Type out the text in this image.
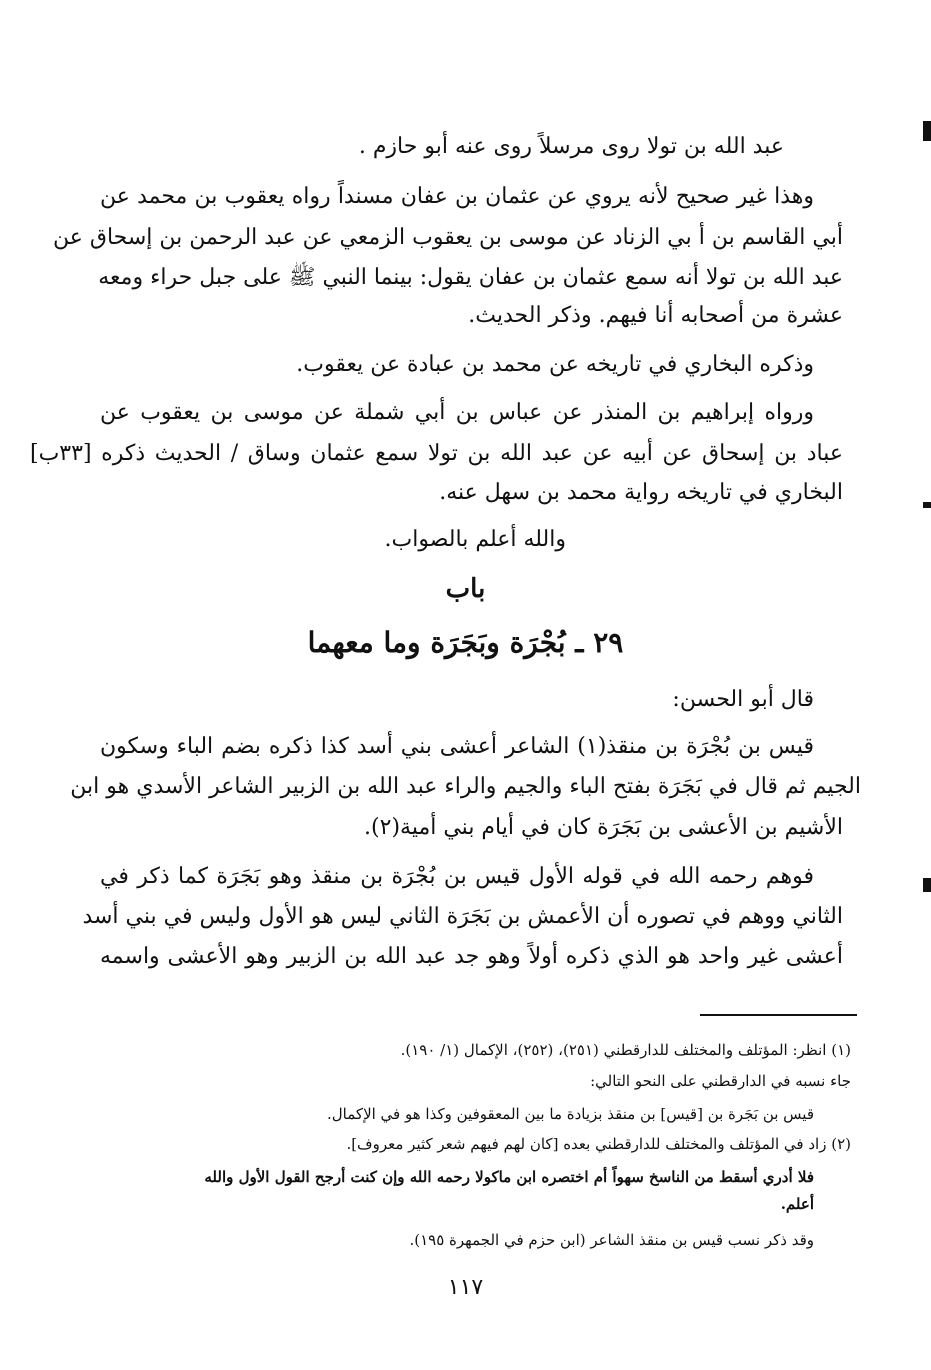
عبد الله بن تولا روى مرسلاً روى عنه أبو حازم .
وهذا غير صحيح لأنه يروي عن عثمان بن عفان مسنداً رواه يعقوب بن محمد عن
أبي القاسم بن أ بي الزناد عن موسى بن يعقوب الزمعي عن عبد الرحمن بن إسحاق عن
عبد الله بن تولا أنه سمع عثمان بن عفان يقول: بينما النبي ﷺ على جبل حراء ومعه
عشرة من أصحابه أنا فيهم. وذكر الحديث.
وذكره البخاري في تاريخه عن محمد بن عبادة عن يعقوب.
ورواه إبراهيم بن المنذر عن عباس بن أبي شملة عن موسى بن يعقوب عن
عباد بن إسحاق عن أبيه عن عبد الله بن تولا سمع عثمان وساق / الحديث ذكره [٣٣ب]
البخاري في تاريخه رواية محمد بن سهل عنه.
والله أعلم بالصواب.
باب
٢٩ ـ بُجْرَة وبَجَرَة وما معهما
قال أبو الحسن:
قيس بن بُجْرَة بن منقذ(١) الشاعر أعشى بني أسد كذا ذكره بضم الباء وسكون
الجيم ثم قال في بَجَرَة بفتح الباء والجيم والراء عبد الله بن الزبير الشاعر الأسدي هو ابن
الأشيم بن الأعشى بن بَجَرَة كان في أيام بني أمية(٢).
فوهم رحمه الله في قوله الأول قيس بن بُجْرَة بن منقذ وهو بَجَرَة كما ذكر في
الثاني ووهم في تصوره أن الأعمش بن بَجَرَة الثاني ليس هو الأول وليس في بني أسد
أعشى غير واحد هو الذي ذكره أولاً وهو جد عبد الله بن الزبير وهو الأعشى واسمه
(١) انظر: المؤتلف والمختلف للدارقطني (٢٥١)، (٢٥٢)، الإكمال (١/ ١٩٠).
جاء نسبه في الدارقطني على النحو التالي:
قيس بن بَجَرة بن [قيس] بن منقذ بزيادة ما بين المعقوفين وكذا هو في الإكمال.
(٢) زاد في المؤتلف والمختلف للدارقطني بعده [كان لهم فيهم شعر كثير معروف].
فلا أدري أسقط من الناسخ سهواً أم اختصره ابن ماكولا رحمه الله وإن كنت أرجح القول الأول والله
أعلم.
وقد ذكر نسب قيس بن منقذ الشاعر (ابن حزم في الجمهرة ١٩٥).
١١٧
